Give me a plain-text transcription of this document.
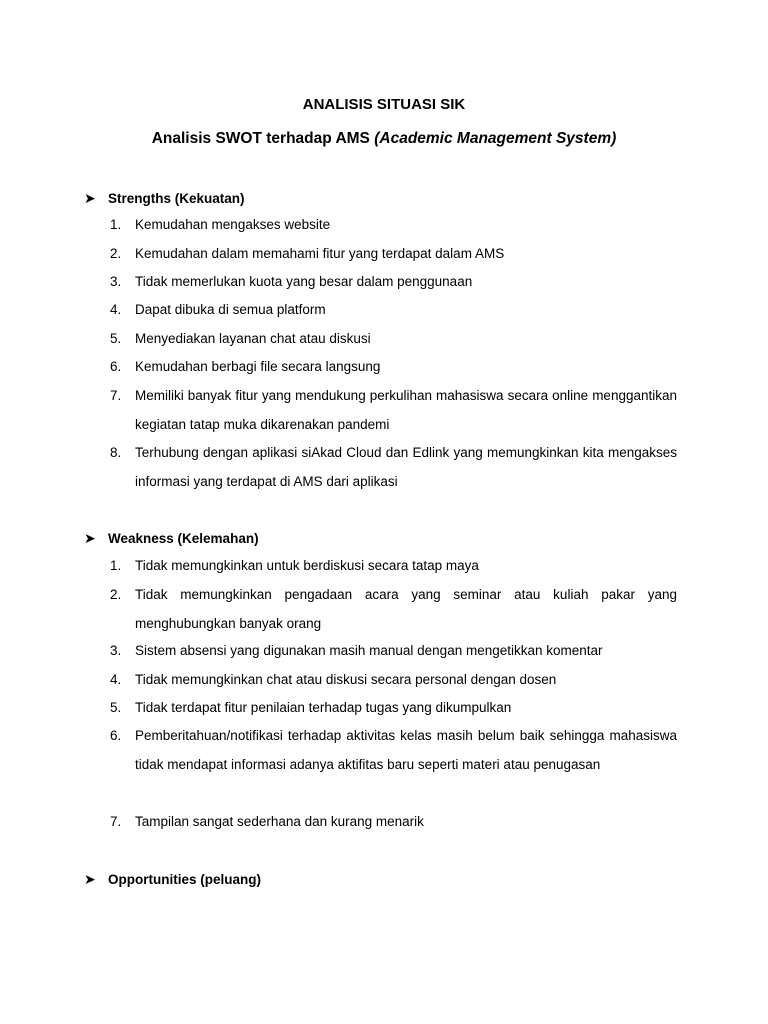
ANALISIS SITUASI SIK
Analisis SWOT terhadap AMS (Academic Management System)
➤ Strengths (Kekuatan)
1.	Kemudahan mengakses website
2.	Kemudahan dalam memahami fitur yang terdapat dalam AMS
3.	Tidak memerlukan kuota yang besar dalam penggunaan
4.	Dapat dibuka di semua platform
5.	Menyediakan layanan chat atau diskusi
6.	Kemudahan berbagi file secara langsung
7.	Memiliki banyak fitur yang mendukung perkulihan mahasiswa secara online menggantikan kegiatan tatap muka dikarenakan pandemi
8.	Terhubung dengan aplikasi siAkad Cloud dan Edlink yang memungkinkan kita mengakses informasi yang terdapat di AMS dari aplikasi
➤ Weakness (Kelemahan)
1.	Tidak memungkinkan untuk berdiskusi secara tatap maya
2.	Tidak memungkinkan pengadaan acara yang seminar atau kuliah pakar yang menghubungkan banyak orang
3.	Sistem absensi yang digunakan masih manual dengan mengetikkan komentar
4.	Tidak memungkinkan chat atau diskusi secara personal dengan dosen
5.	Tidak terdapat fitur penilaian terhadap tugas yang dikumpulkan
6.	Pemberitahuan/notifikasi terhadap aktivitas kelas masih belum baik sehingga mahasiswa tidak mendapat informasi adanya aktifitas baru seperti materi atau penugasan
7.	Tampilan sangat sederhana dan kurang menarik
➤ Opportunities (peluang)
